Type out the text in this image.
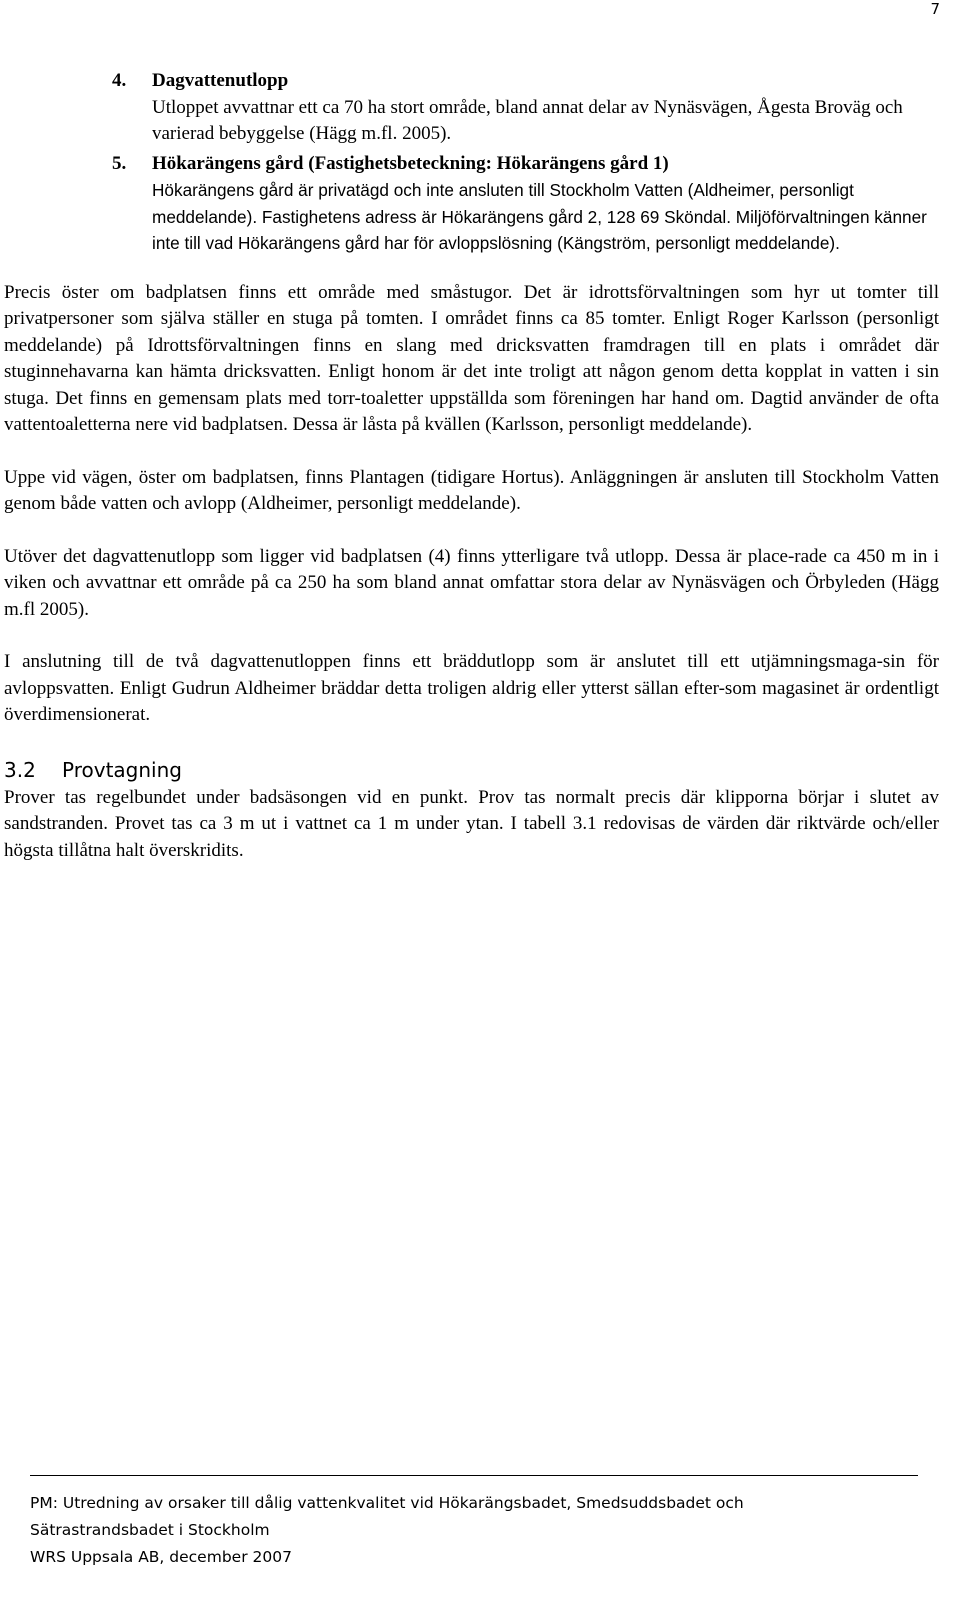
7
4.	Dagvattenutlopp
Utloppet avvattnar ett ca 70 ha stort område, bland annat delar av Nynäsvägen, Ågesta Broväg och varierad bebyggelse (Hägg m.fl. 2005).
5.	Hökarängens gård (Fastighetsbeteckning: Hökarängens gård 1)
Hökarängens gård är privatägd och inte ansluten till Stockholm Vatten (Aldheimer, personligt meddelande). Fastighetens adress är Hökarängens gård 2, 128 69 Sköndal. Miljöförvaltningen känner inte till vad Hökarängens gård har för avloppslösning (Kängström, personligt meddelande).

Precis öster om badplatsen finns ett område med småstugor. Det är idrottsförvaltningen som hyr ut tomter till privatpersoner som själva ställer en stuga på tomten. I området finns ca 85 tomter. Enligt Roger Karlsson (personligt meddelande) på Idrottsförvaltningen finns en slang med dricksvatten framdragen till en plats i området där stuginnehavarna kan hämta dricksvatten. Enligt honom är det inte troligt att någon genom detta kopplat in vatten i sin stuga. Det finns en gemensam plats med torr-toaletter uppställda som föreningen har hand om. Dagtid använder de ofta vattentoaletterna nere vid badplatsen. Dessa är låsta på kvällen (Karlsson, personligt meddelande).

Uppe vid vägen, öster om badplatsen, finns Plantagen (tidigare Hortus). Anläggningen är ansluten till Stockholm Vatten genom både vatten och avlopp (Aldheimer, personligt meddelande).

Utöver det dagvattenutlopp som ligger vid badplatsen (4) finns ytterligare två utlopp. Dessa är place-rade ca 450 m in i viken och avvattnar ett område på ca 250 ha som bland annat omfattar stora delar av Nynäsvägen och Örbyleden (Hägg m.fl 2005).

I anslutning till de två dagvattenutloppen finns ett bräddutlopp som är anslutet till ett utjämningsmaga-sin för avloppsvatten. Enligt Gudrun Aldheimer bräddar detta troligen aldrig eller ytterst sällan efter-som magasinet är ordentligt överdimensionerat.

3.2	Provtagning

Prover tas regelbundet under badsäsongen vid en punkt. Prov tas normalt precis där klipporna börjar i slutet av sandstranden. Provet tas ca 3 m ut i vattnet ca 1 m under ytan. I tabell 3.1 redovisas de värden där riktvärde och/eller högsta tillåtna halt överskridits.

PM: Utredning av orsaker till dålig vattenkvalitet vid Hökarängsbadet, Smedsuddsbadet och
Sätrastrandsbadet i Stockholm
WRS Uppsala AB, december 2007
